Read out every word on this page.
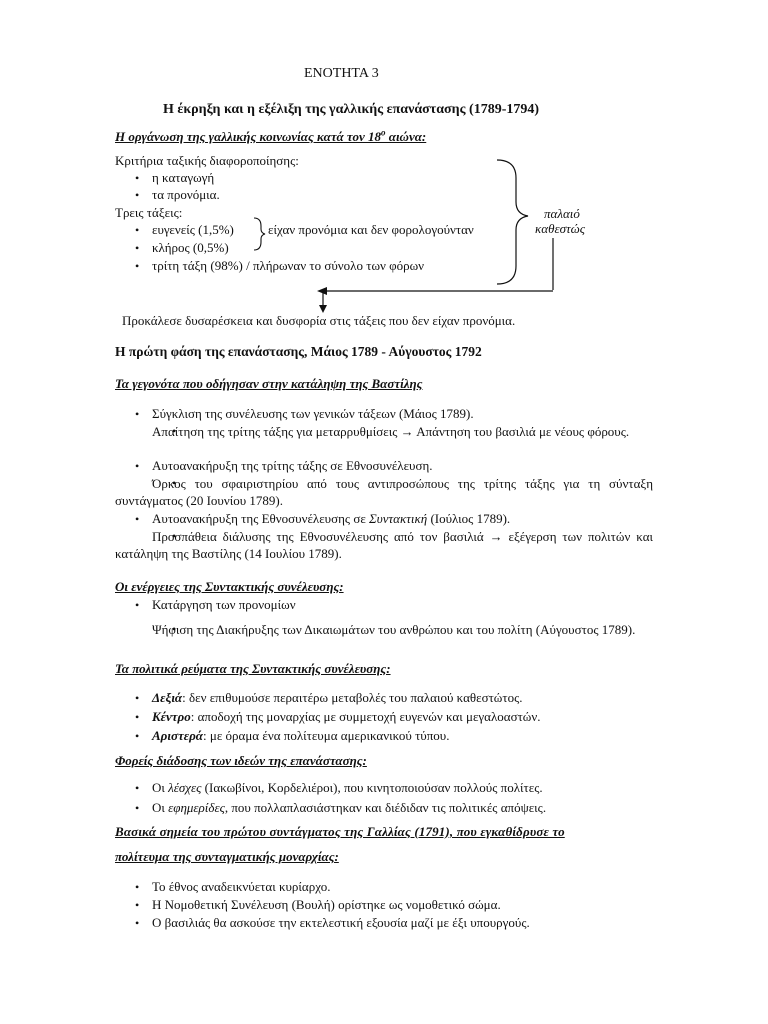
ΕΝΟΤΗΤΑ 3
Η έκρηξη και η εξέλιξη της γαλλικής επανάστασης (1789-1794)
Η οργάνωση της γαλλικής κοινωνίας κατά τον $18^o$ αιώνα:
Κριτήρια ταξικής διαφοροποίησης:
• η καταγωγή
• τα προνόμια.
Τρεις τάξεις:
• ευγενείς (1,5%)
• κλήρος (0,5%)
• τρίτη τάξη (98%) / πλήρωναν το σύνολο των φόρων
είχαν προνόμια και δεν φορολογούνταν
παλαιό
καθεστώς
Προκάλεσε δυσαρέσκεια και δυσφορία στις τάξεις που δεν είχαν προνόμια.
Η πρώτη φάση της επανάστασης, Μάιος 1789 - Αύγουστος 1792
Τα γεγονότα που οδήγησαν στην κατάληψη της Βαστίλης
• Σύγκλιση της συνέλευσης των γενικών τάξεων (Μάιος 1789).
Απαίτηση της τρίτης τάξης για μεταρρυθμίσεις → Απάντηση του βασιλιά με νέους φόρους.
• Αυτοανακήρυξη της τρίτης τάξης σε Εθνοσυνέλευση.
Όρκος του σφαιριστηρίου από τους αντιπροσώπους της τρίτης τάξης για τη σύνταξη συντάγματος (20 Ιουνίου 1789).
• Αυτοανακήρυξη της Εθνοσυνέλευσης σε Συντακτική (Ιούλιος 1789).
Προσπάθεια διάλυσης της Εθνοσυνέλευσης από τον βασιλιά → εξέγερση των πολιτών και κατάληψη της Βαστίλης (14 Ιουλίου 1789).
Οι ενέργειες της Συντακτικής συνέλευσης:
• Κατάργηση των προνομίων
Ψήφιση της Διακήρυξης των Δικαιωμάτων του ανθρώπου και του πολίτη (Αύγουστος 1789).
Τα πολιτικά ρεύματα της Συντακτικής συνέλευσης:
• Δεξιά: δεν επιθυμούσε περαιτέρω μεταβολές του παλαιού καθεστώτος.
• Κέντρο: αποδοχή της μοναρχίας με συμμετοχή ευγενών και μεγαλοαστών.
• Αριστερά: με όραμα ένα πολίτευμα αμερικανικού τύπου.
Φορείς διάδοσης των ιδεών της επανάστασης:
• Οι λέσχες (Ιακωβίνοι, Κορδελιέροι), που κινητοποιούσαν πολλούς πολίτες.
• Οι εφημερίδες, που πολλαπλασιάστηκαν και διέδιδαν τις πολιτικές απόψεις.
Βασικά σημεία του πρώτου συντάγματος της Γαλλίας (1791), που εγκαθίδρυσε το
πολίτευμα της συνταγματικής μοναρχίας:
• Το έθνος αναδεικνύεται κυρίαρχο.
• Η Νομοθετική Συνέλευση (Βουλή) ορίστηκε ως νομοθετικό σώμα.
• Ο βασιλιάς θα ασκούσε την εκτελεστική εξουσία μαζί με έξι υπουργούς.
